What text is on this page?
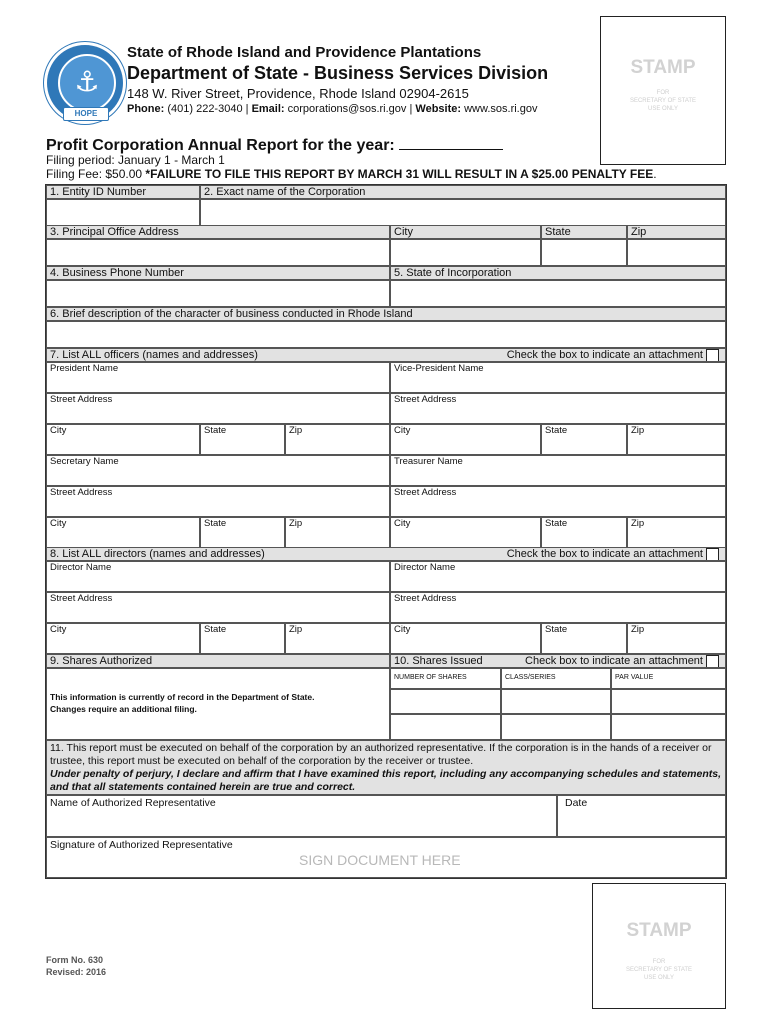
⚓
HOPE
State of Rhode Island and Providence Plantations
Department of State - Business Services Division
148 W. River Street, Providence, Rhode Island 02904-2615
Phone: (401) 222-3040 | Email: corporations@sos.ri.gov | Website: www.sos.ri.gov
STAMP
FOR
SECRETARY OF STATE
USE ONLY
Profit Corporation Annual Report for the year:
Filing period: January 1 - March 1
Filing Fee: $50.00 *FAILURE TO FILE THIS REPORT BY MARCH 31 WILL RESULT IN A $25.00 PENALTY FEE.
1. Entity ID Number	2. Exact name of the Corporation
3. Principal Office Address	City	State	Zip
4. Business Phone Number	5. State of Incorporation
6. Brief description of the character of business conducted in Rhode Island
7. List ALL officers (names and addresses)	Check the box to indicate an attachment
President Name	Vice-President Name
Street Address	Street Address
City	State	Zip	City	State	Zip
Secretary Name	Treasurer Name
Street Address	Street Address
City	State	Zip	City	State	Zip
8. List ALL directors (names and addresses)	Check the box to indicate an attachment
Director Name	Director Name
Street Address	Street Address
City	State	Zip	City	State	Zip
9. Shares Authorized	10. Shares Issued	Check box to indicate an attachment
This information is currently of record in the Department of State.
Changes require an additional filing.
NUMBER OF SHARES	CLASS/SERIES	PAR VALUE
11. This report must be executed on behalf of the corporation by an authorized representative. If the corporation is in the hands of a receiver or trustee, this report must be executed on behalf of the corporation by the receiver or trustee.
Under penalty of perjury, I declare and affirm that I have examined this report, including any accompanying schedules and statements, and that all statements contained herein are true and correct.
Name of Authorized Representative	Date
Signature of Authorized Representative
SIGN DOCUMENT HERE
STAMP
FOR
SECRETARY OF STATE
USE ONLY
Form No. 630
Revised: 2016
